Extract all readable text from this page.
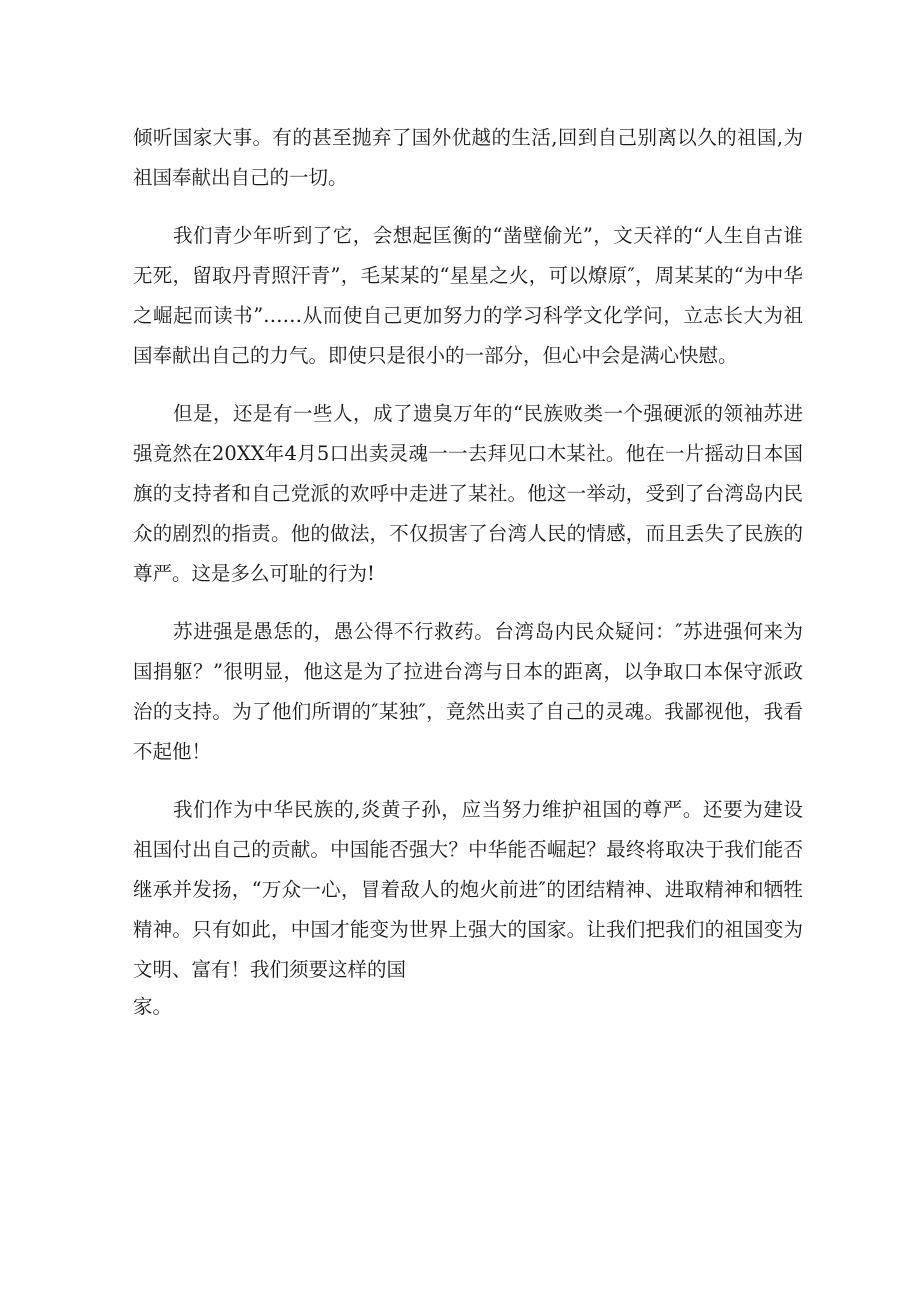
倾听国家大事。有的甚至抛弃了国外优越的生活,回到自己别离以久的祖国,为祖国奉献出自己的一切。

我们青少年听到了它，会想起匡衡的“凿壁偷光”，文天祥的“人生自古谁无死，留取丹青照汗青”，毛某某的“星星之火，可以燎原″，周某某的“为中华之崛起而读书”……从而使自己更加努力的学习科学文化学问，立志长大为祖国奉献出自己的力气。即使只是很小的一部分，但心中会是满心快慰。

但是，还是有一些人，成了遗臭万年的“民族败类一个强硬派的领袖苏进强竟然在20XX年4月5口出卖灵魂一一去拜见口木某社。他在一片摇动日本国旗的支持者和自己党派的欢呼中走进了某社。他这一举动，受到了台湾岛内民众的剧烈的指责。他的做法，不仅损害了台湾人民的情感，而且丢失了民族的尊严。这是多么可耻的行为!

苏进强是愚恁的，愚公得不行救药。台湾岛内民众疑问：″苏进强何来为国捐躯？”很明显，他这是为了拉进台湾与日本的距离，以争取口本保守派政治的支持。为了他们所谓的″某独″，竟然出卖了自己的灵魂。我鄙视他，我看不起他！

我们作为中华民族的,炎黄子孙，应当努力维护祖国的尊严。还要为建设祖国付出自己的贡献。中国能否强大？中华能否崛起？最终将取决于我们能否继承并发扬，“万众一心，冒着敌人的炮火前进″的团结精神、进取精神和牺牲精神。只有如此，中国才能变为世界上强大的国家。让我们把我们的祖国变为文明、富有！我们须要这样的国

家。
